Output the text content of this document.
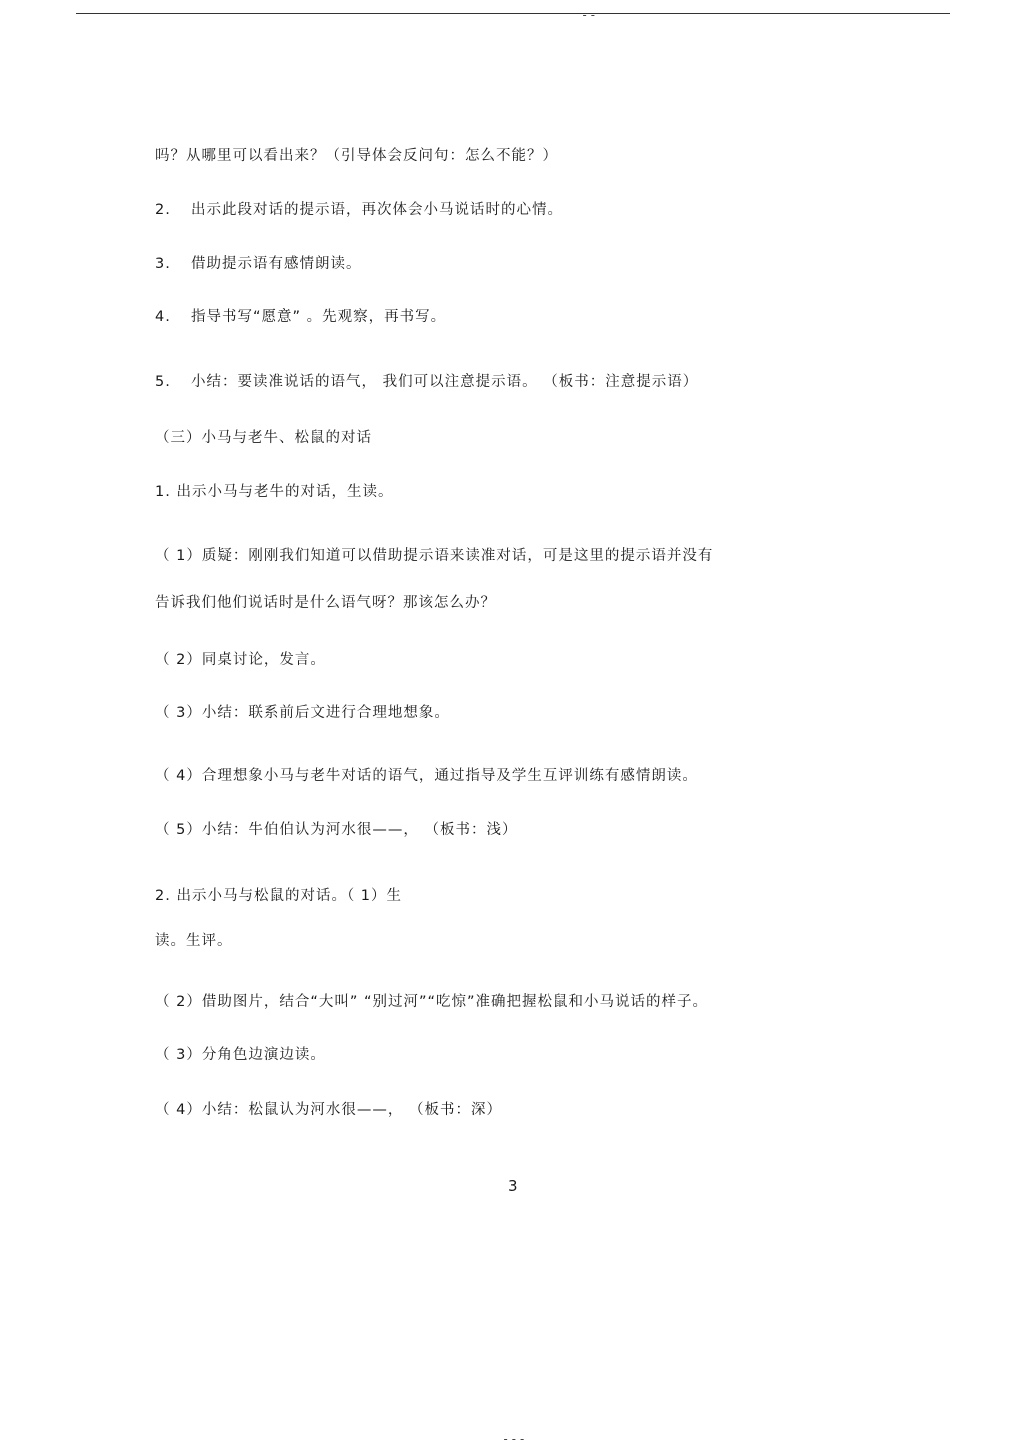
--

吗？从哪里可以看出来？（引导体会反问句：怎么不能？）

2. 出示此段对话的提示语，再次体会小马说话时的心情。

3. 借助提示语有感情朗读。

4. 指导书写“愿意” 。先观察，再书写。

5. 小结：要读准说话的语气， 我们可以注意提示语。 （板书：注意提示语）

（三）小马与老牛、松鼠的对话

1. 出示小马与老牛的对话，生读。

（ 1）质疑：刚刚我们知道可以借助提示语来读准对话，可是这里的提示语并没有

告诉我们他们说话时是什么语气呀？那该怎么办？

（ 2）同桌讨论，发言。

（ 3）小结：联系前后文进行合理地想象。

（ 4）合理想象小马与老牛对话的语气，通过指导及学生互评训练有感情朗读。

（ 5）小结：牛伯伯认为河水很——， （板书：浅）

2. 出示小马与松鼠的对话。（ 1）生

读。生评。

（ 2）借助图片，结合“大叫” “别过河”“吃惊”准确把握松鼠和小马说话的样子。

（ 3）分角色边演边读。

（ 4）小结：松鼠认为河水很——， （板书：深）

3
---
